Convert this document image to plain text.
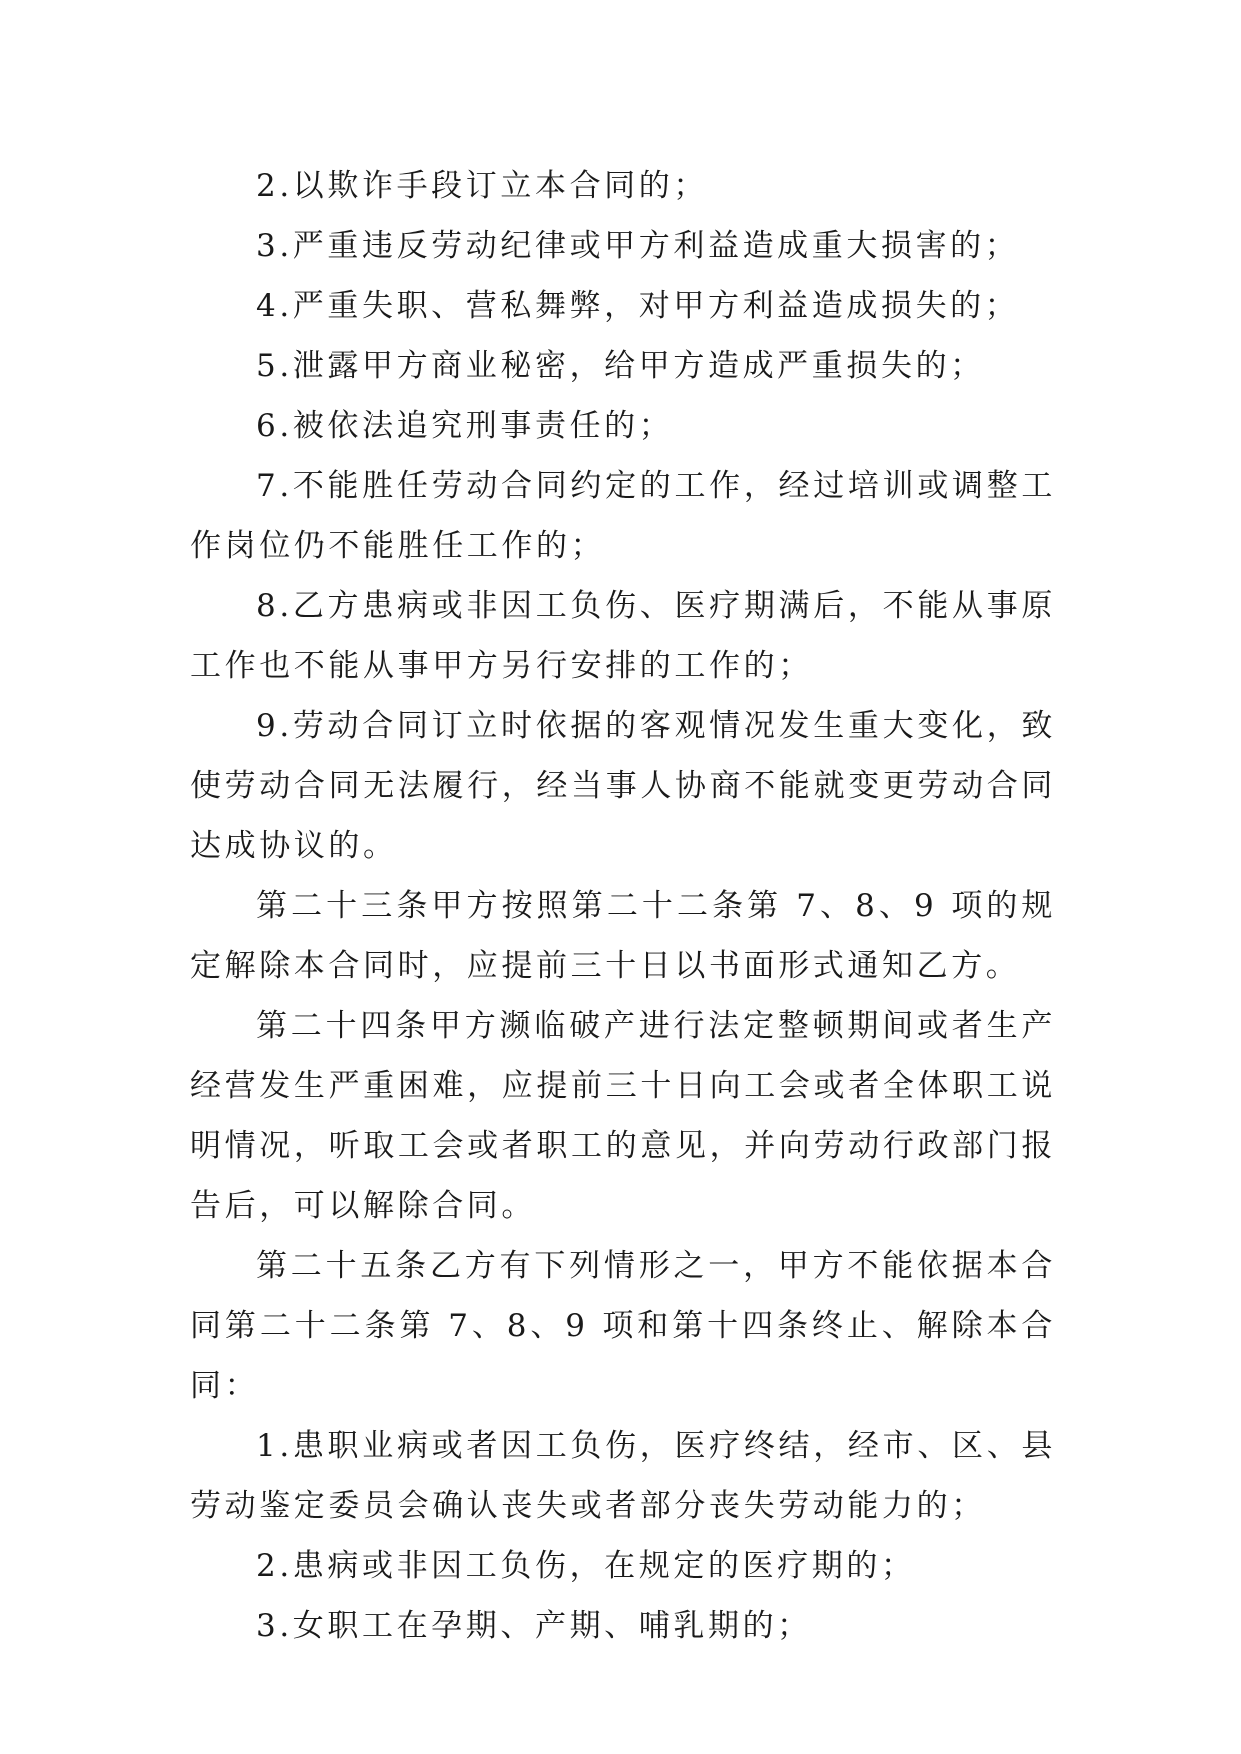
2.以欺诈手段订立本合同的；

3.严重违反劳动纪律或甲方利益造成重大损害的；

4.严重失职、营私舞弊，对甲方利益造成损失的；

5.泄露甲方商业秘密，给甲方造成严重损失的；

6.被依法追究刑事责任的；

7.不能胜任劳动合同约定的工作，经过培训或调整工作岗位仍不能胜任工作的；

8.乙方患病或非因工负伤、医疗期满后，不能从事原工作也不能从事甲方另行安排的工作的；

9.劳动合同订立时依据的客观情况发生重大变化，致使劳动合同无法履行，经当事人协商不能就变更劳动合同达成协议的。

第二十三条甲方按照第二十二条第 7、8、9 项的规定解除本合同时，应提前三十日以书面形式通知乙方。

第二十四条甲方濒临破产进行法定整顿期间或者生产经营发生严重困难，应提前三十日向工会或者全体职工说明情况，听取工会或者职工的意见，并向劳动行政部门报告后，可以解除合同。

第二十五条乙方有下列情形之一，甲方不能依据本合同第二十二条第 7、8、9 项和第十四条终止、解除本合同：

1.患职业病或者因工负伤，医疗终结，经市、区、县劳动鉴定委员会确认丧失或者部分丧失劳动能力的；

2.患病或非因工负伤，在规定的医疗期的；

3.女职工在孕期、产期、哺乳期的；
